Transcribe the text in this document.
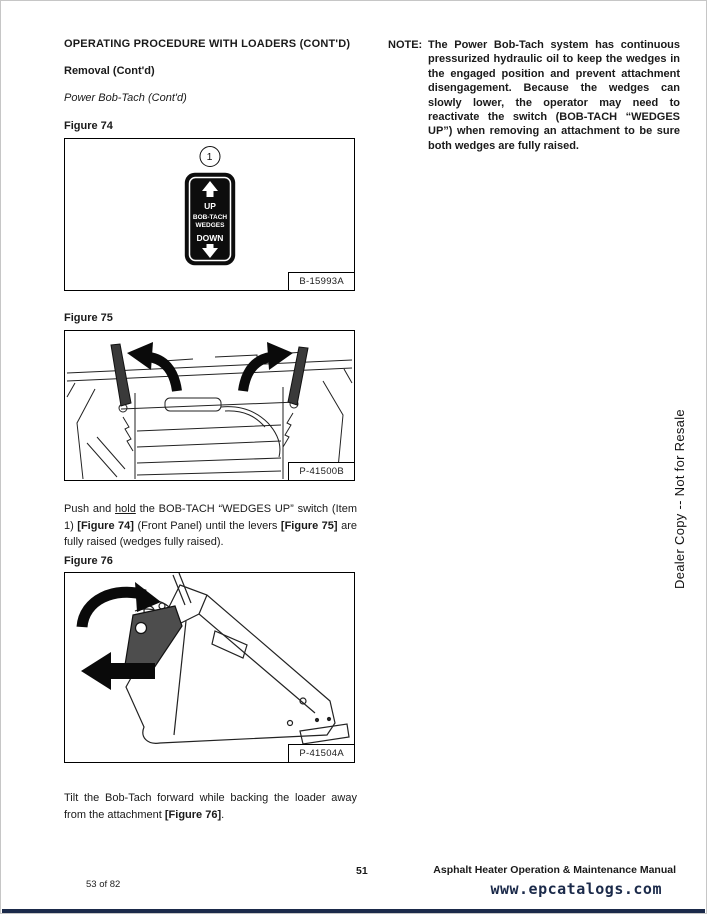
OPERATING PROCEDURE WITH LOADERS (CONT'D)
Removal (Cont'd)
Power Bob-Tach (Cont'd)
NOTE: The Power Bob-Tach system has continuous pressurized hydraulic oil to keep the wedges in the engaged position and prevent attachment disengagement. Because the wedges can slowly lower, the operator may need to reactivate the switch (BOB-TACH “WEDGES UP”) when removing an attachment to be sure both wedges are fully raised.
Figure 74
1
UP
BOB-TACH
WEDGES
DOWN
B-15993A
Figure 75
P-41500B

Push and hold the BOB-TACH “WEDGES UP” switch (Item 1) [Figure 74] (Front Panel) until the levers [Figure 75] are fully raised (wedges fully raised).

Figure 76
P-41504A

Tilt the Bob-Tach forward while backing the loader away from the attachment [Figure 76].

Dealer Copy -- Not for Resale
53 of 82
51	Asphalt Heater Operation & Maintenance Manual
www.epcatalogs.com
